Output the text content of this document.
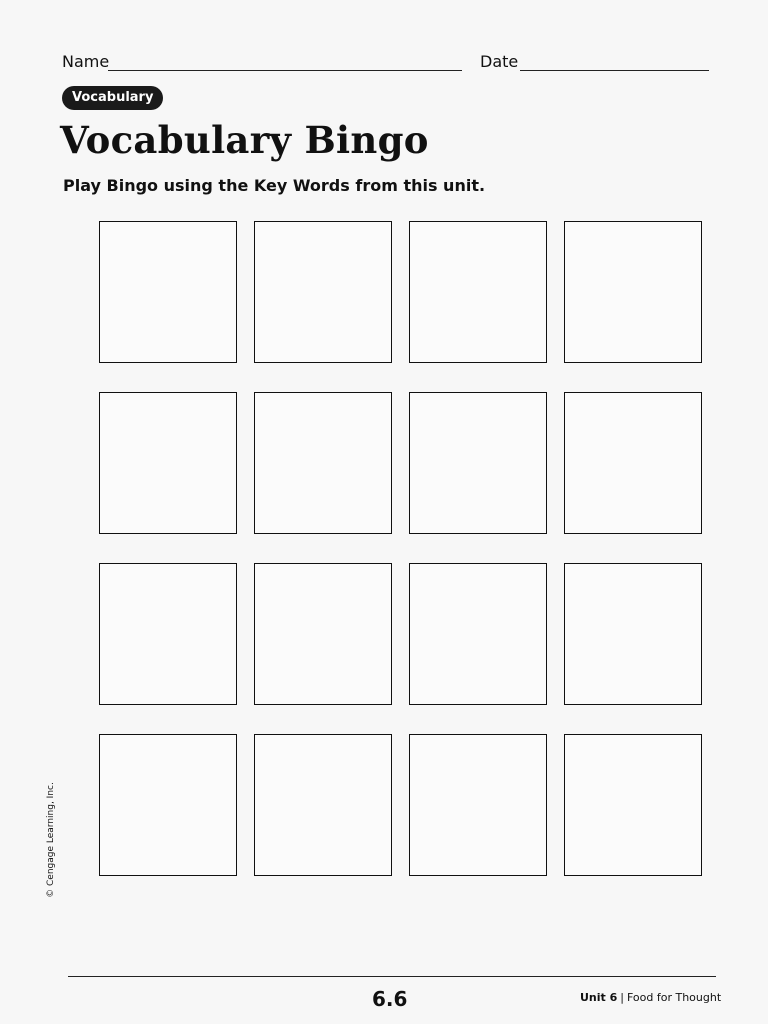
Name	Date
Vocabulary
Vocabulary Bingo
Play Bingo using the Key Words from this unit.
© Cengage Learning, Inc.
6.6	Unit 6 | Food for Thought
